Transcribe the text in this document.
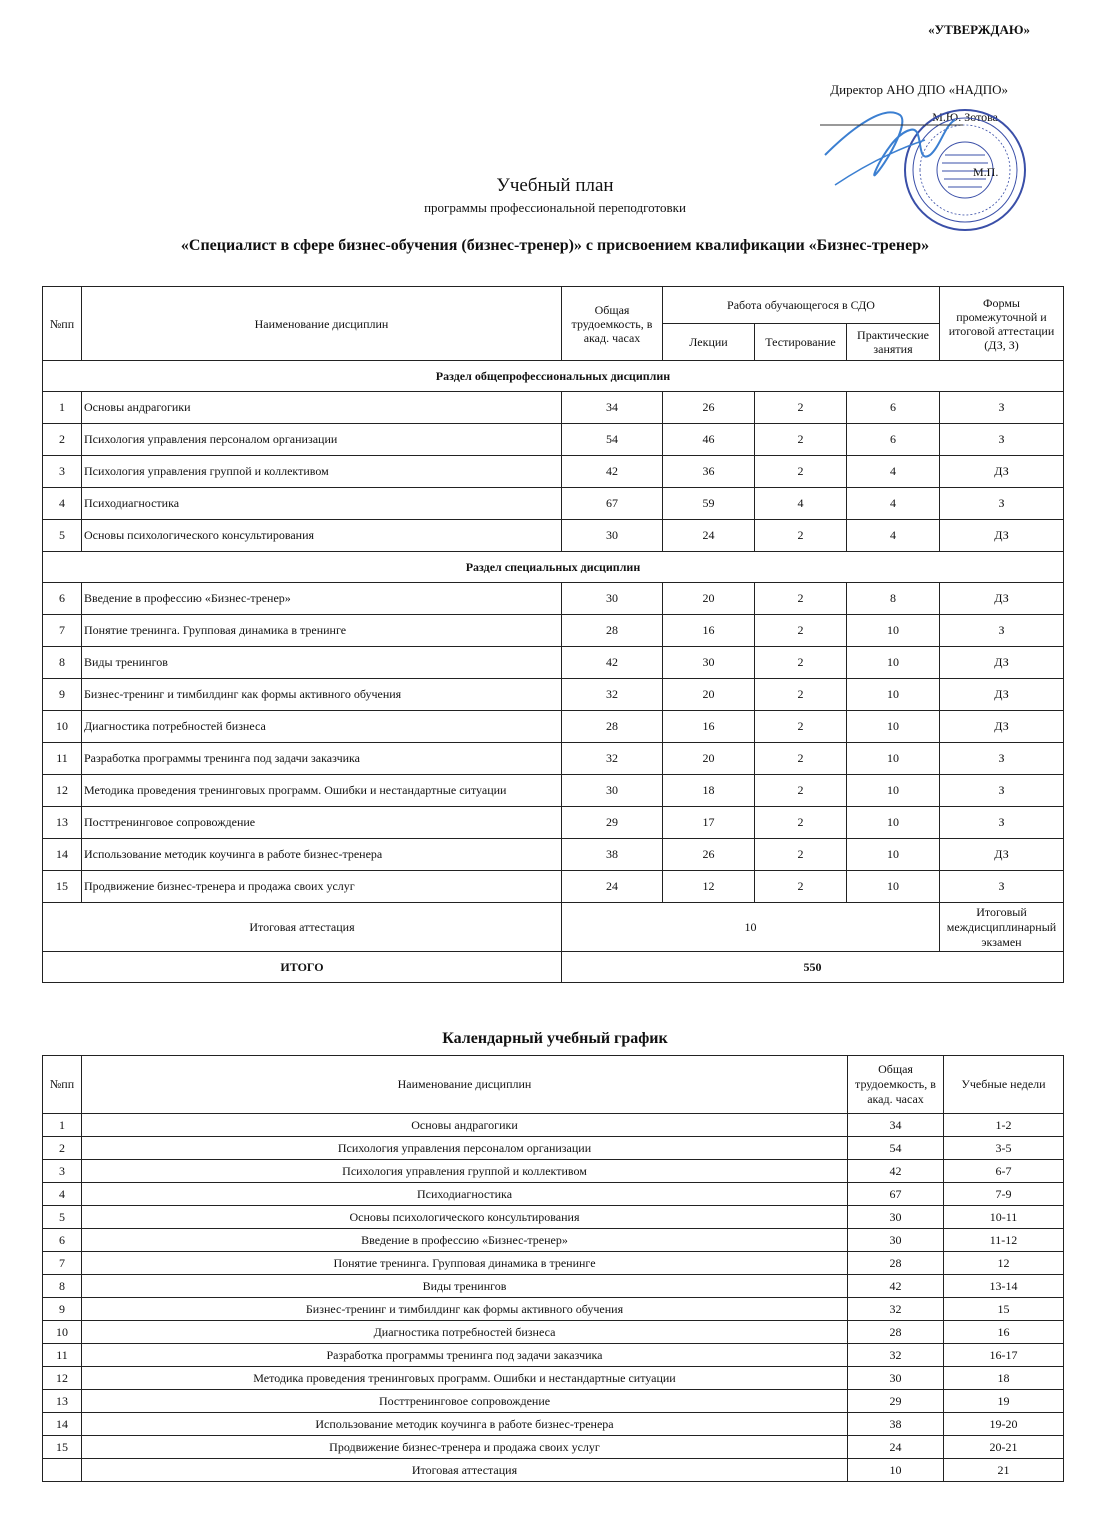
«УТВЕРЖДАЮ»
Директор АНО ДПО «НАДПО»
М.Ю. Зотова
М.П.
Учебный план
программы профессиональной переподготовки
«Специалист в сфере бизнес-обучения (бизнес-тренер)» с присвоением квалификации «Бизнес-тренер»
№пп	Наименование дисциплин	Общая трудоемкость, в акад. часах	Работа обучающегося в СДО			Формы промежуточной и итоговой аттестации (ДЗ, З)
			Лекции	Тестирование	Практические занятия	
Раздел общепрофессиональных дисциплин						
1	Основы андрагогики	34	26	2	6	З
2	Психология управления персоналом организации	54	46	2	6	З
3	Психология управления группой и коллективом	42	36	2	4	ДЗ
4	Психодиагностика	67	59	4	4	З
5	Основы психологического консультирования	30	24	2	4	ДЗ
Раздел специальных дисциплин						
6	Введение в профессию «Бизнес-тренер»	30	20	2	8	ДЗ
7	Понятие тренинга. Групповая динамика в тренинге	28	16	2	10	З
8	Виды тренингов	42	30	2	10	ДЗ
9	Бизнес-тренинг и тимбилдинг как формы активного обучения	32	20	2	10	ДЗ
10	Диагностика потребностей бизнеса	28	16	2	10	ДЗ
11	Разработка программы тренинга под задачи заказчика	32	20	2	10	З
12	Методика проведения тренинговых программ. Ошибки и нестандартные ситуации	30	18	2	10	З
13	Посттренинговое сопровождение	29	17	2	10	З
14	Использование методик коучинга в работе бизнес-тренера	38	26	2	10	ДЗ
15	Продвижение бизнес-тренера и продажа своих услуг	24	12	2	10	З
Итоговая аттестация		10				Итоговый междисциплинарный экзамен
ИТОГО		550				
Календарный учебный график
№пп	Наименование дисциплин	Общая трудоемкость, в акад. часах	Учебные недели
1	Основы андрагогики	34	1-2
2	Психология управления персоналом организации	54	3-5
3	Психология управления группой и коллективом	42	6-7
4	Психодиагностика	67	7-9
5	Основы психологического консультирования	30	10-11
6	Введение в профессию «Бизнес-тренер»	30	11-12
7	Понятие тренинга. Групповая динамика в тренинге	28	12
8	Виды тренингов	42	13-14
9	Бизнес-тренинг и тимбилдинг как формы активного обучения	32	15
10	Диагностика потребностей бизнеса	28	16
11	Разработка программы тренинга под задачи заказчика	32	16-17
12	Методика проведения тренинговых программ. Ошибки и нестандартные ситуации	30	18
13	Посттренинговое сопровождение	29	19
14	Использование методик коучинга в работе бизнес-тренера	38	19-20
15	Продвижение бизнес-тренера и продажа своих услуг	24	20-21
	Итоговая аттестация	10	21
